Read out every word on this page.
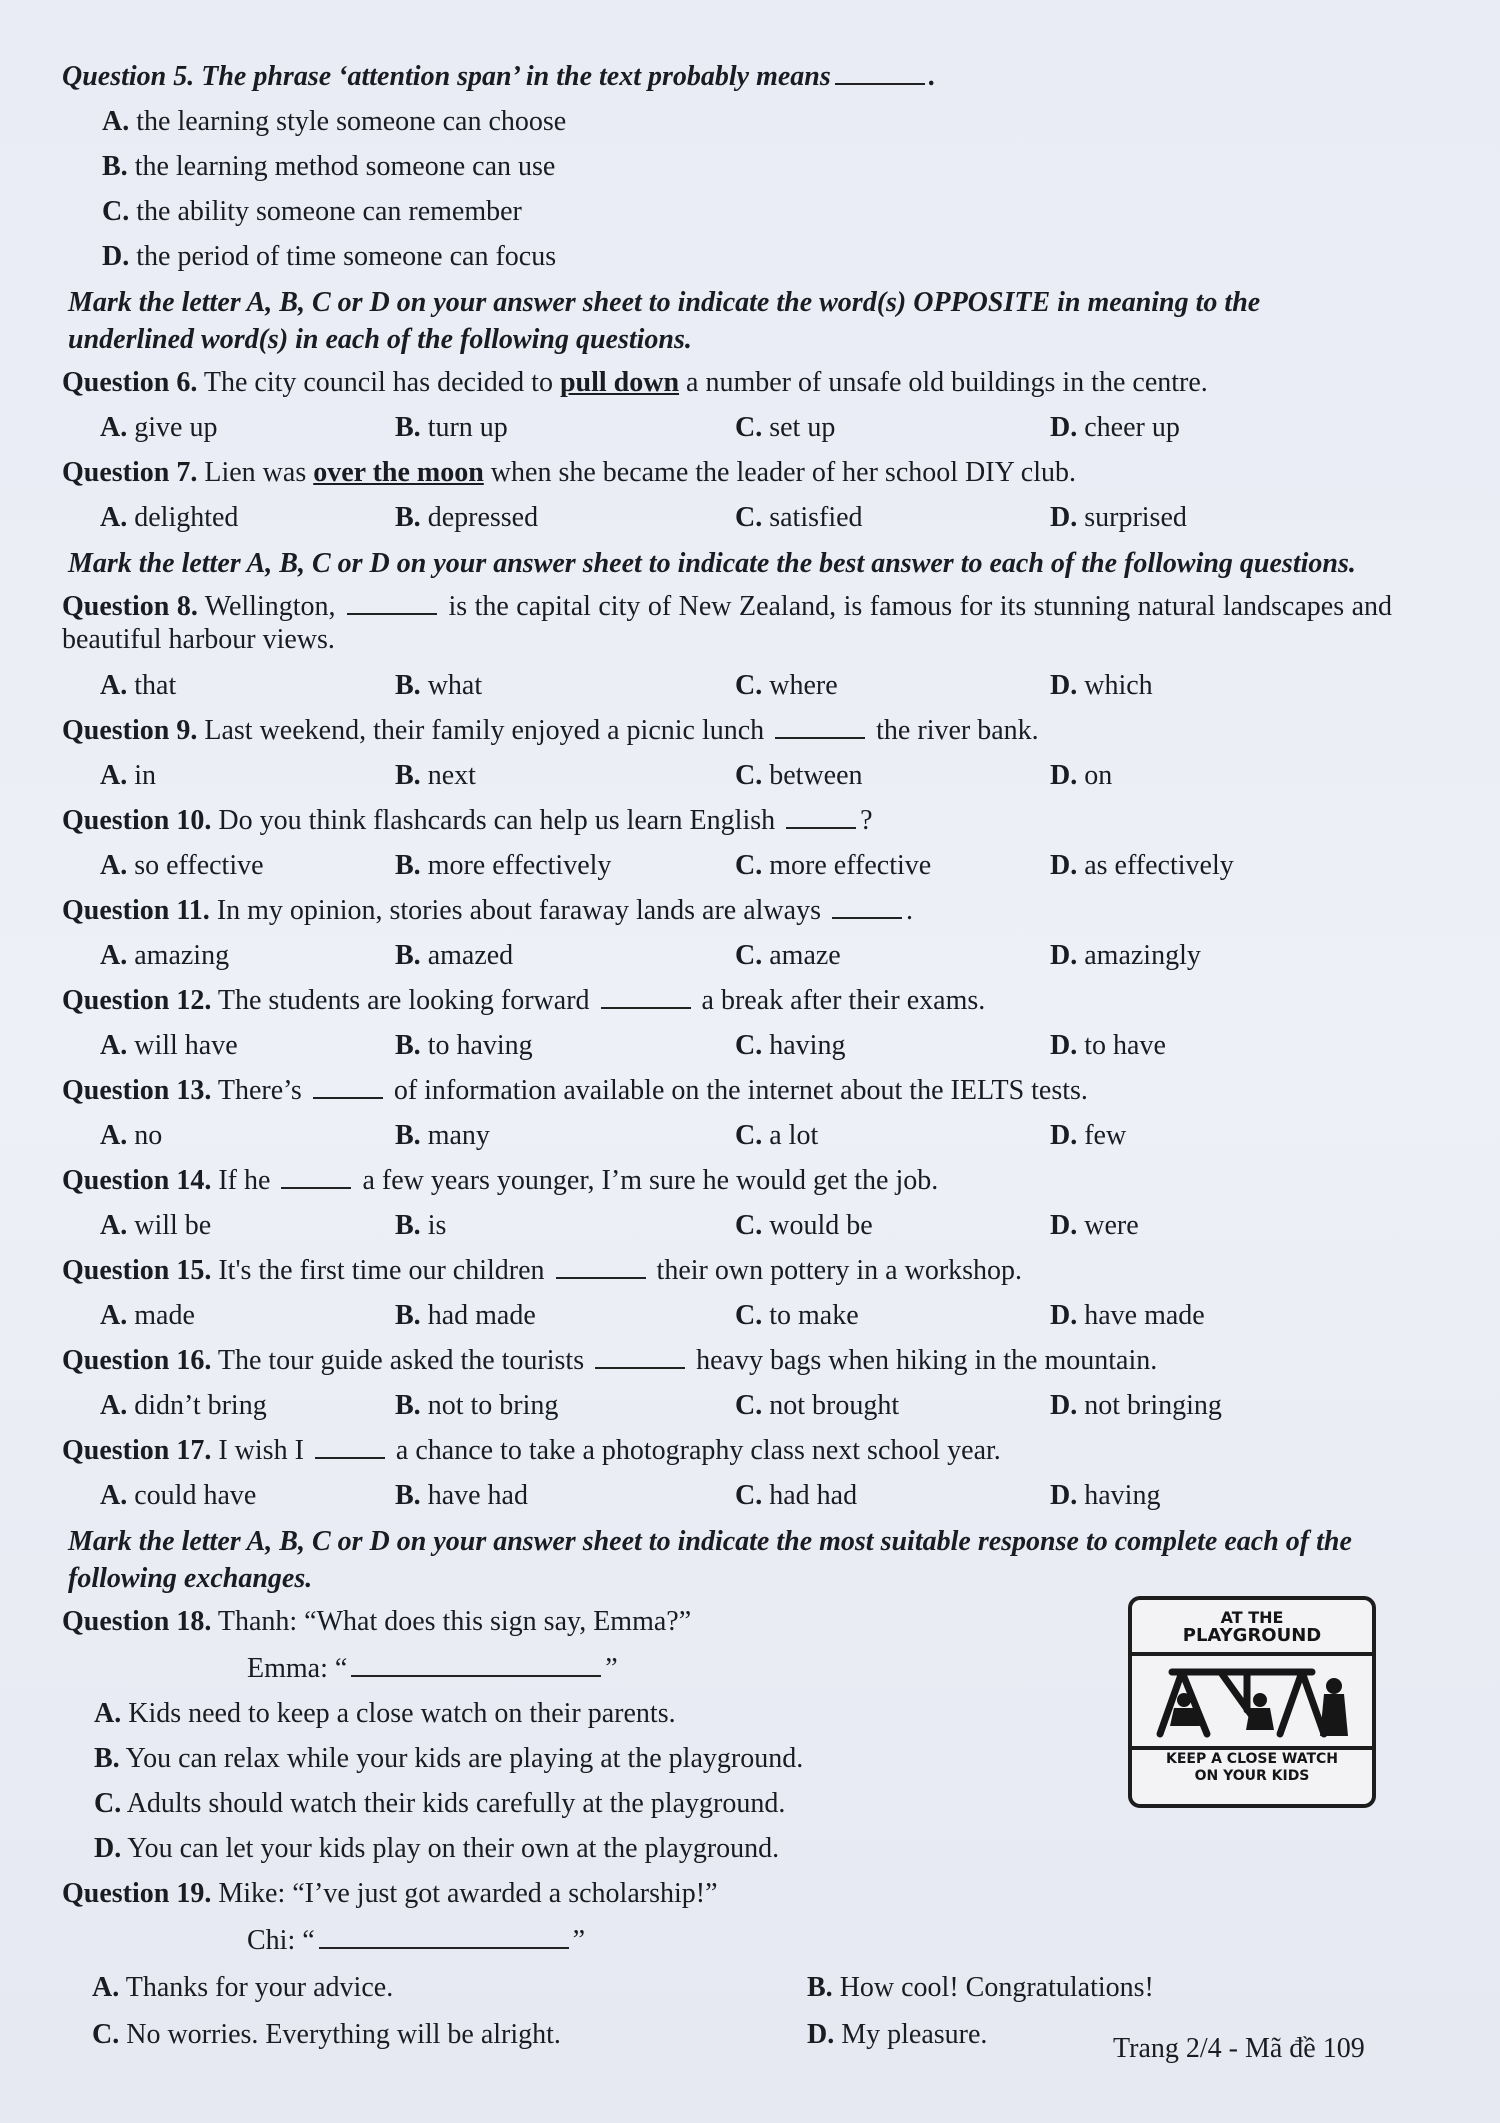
Question 5. The phrase ‘attention span’ in the text probably means	.

A. the learning style someone can choose
B. the learning method someone can use
C. the ability someone can remember
D. the period of time someone can focus
Mark the letter A, B, C or D on your answer sheet to indicate the word(s) OPPOSITE in meaning to the underlined word(s) in each of the following questions.

Question 6. The city council has decided to pull down a number of unsafe old buildings in the centre.

A. give up	B. turn up	C. set up	D. cheer up

Question 7. Lien was over the moon when she became the leader of her school DIY club.

A. delighted	B. depressed	C. satisfied	D. surprised
Mark the letter A, B, C or D on your answer sheet to indicate the best answer to each of the following questions.

Question 8. Wellington,	is the capital city of New Zealand, is famous for its stunning natural landscapes and beautiful harbour views.

A. that	B. what	C. where	D. which

Question 9. Last weekend, their family enjoyed a picnic lunch	the river bank.

A. in	B. next	C. between	D. on

Question 10. Do you think flashcards can help us learn English	?

A. so effective	B. more effectively	C. more effective	D. as effectively

Question 11. In my opinion, stories about faraway lands are always	.

A. amazing	B. amazed	C. amaze	D. amazingly

Question 12. The students are looking forward	a break after their exams.

A. will have	B. to having	C. having	D. to have

Question 13. There’s	of information available on the internet about the IELTS tests.

A. no	B. many	C. a lot	D. few

Question 14. If he	a few years younger, I’m sure he would get the job.

A. will be	B. is	C. would be	D. were

Question 15. It's the first time our children	their own pottery in a workshop.

A. made	B. had made	C. to make	D. have made

Question 16. The tour guide asked the tourists	heavy bags when hiking in the mountain.

A. didn’t bring	B. not to bring	C. not brought	D. not bringing

Question 17. I wish I	a chance to take a photography class next school year.

A. could have	B. have had	C. had had	D. having
Mark the letter A, B, C or D on your answer sheet to indicate the most suitable response to complete each of the following exchanges.

Question 18. Thanh: “What does this sign say, Emma?”

Emma: “	”
A. Kids need to keep a close watch on their parents.
B. You can relax while your kids are playing at the playground.
C. Adults should watch their kids carefully at the playground.
D. You can let your kids play on their own at the playground.

Question 19. Mike: “I’ve just got awarded a scholarship!”

Chi: “	”
A. Thanks for your advice.	B. How cool! Congratulations!
C. No worries. Everything will be alright.	D. My pleasure.
AT THE
PLAYGROUND
KEEP A CLOSE WATCH
ON YOUR KIDS
Trang 2/4 - Mã đề 109
